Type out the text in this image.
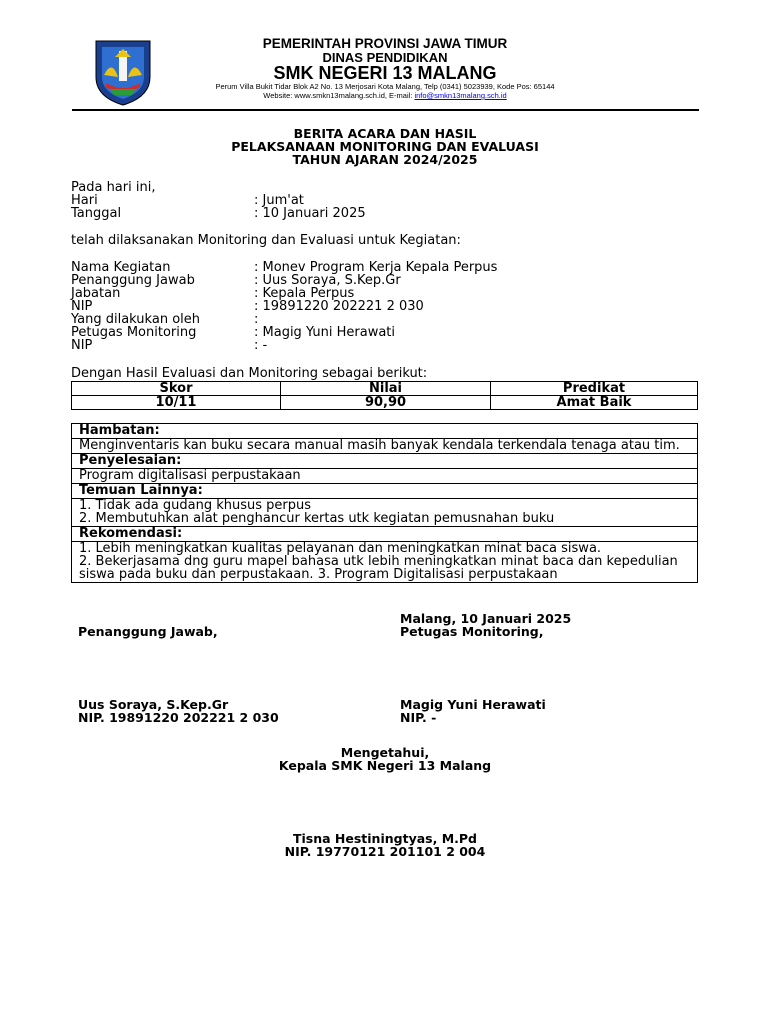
PEMERINTAH PROVINSI JAWA TIMUR
DINAS PENDIDIKAN
SMK NEGERI 13 MALANG
Perum Villa Bukit Tidar Blok A2 No. 13 Merjosari Kota Malang, Telp (0341) 5023939, Kode Pos: 65144
Website: www.smkn13malang.sch.id, E-mail: info@smkn13malang.sch.id
BERITA ACARA DAN HASIL
PELAKSANAAN MONITORING DAN EVALUASI
TAHUN AJARAN 2024/2025
Pada hari ini,
Hari	: Jum'at
Tanggal	: 10 Januari 2025
telah dilaksanakan Monitoring dan Evaluasi untuk Kegiatan:
Nama Kegiatan	: Monev Program Kerja Kepala Perpus
Penanggung Jawab	: Uus Soraya, S.Kep.Gr
Jabatan	: Kepala Perpus
NIP	: 19891220 202221 2 030
Yang dilakukan oleh	:
Petugas Monitoring	: Magig Yuni Herawati
NIP	: -
Dengan Hasil Evaluasi dan Monitoring sebagai berikut:
Skor	Nilai	Predikat
10/11	90,90	Amat Baik
Hambatan:
Menginventaris kan buku secara manual masih banyak kendala terkendala tenaga atau tim.
Penyelesaian:
Program digitalisasi perpustakaan
Temuan Lainnya:
1. Tidak ada gudang khusus perpus
2. Membutuhkan alat penghancur kertas utk kegiatan pemusnahan buku
Rekomendasi:
1. Lebih meningkatkan kualitas pelayanan dan meningkatkan minat baca siswa.
2. Bekerjasama dng guru mapel bahasa utk lebih meningkatkan minat baca dan kepedulian siswa pada buku dan perpustakaan. 3. Program Digitalisasi perpustakaan
Malang, 10 Januari 2025
Penanggung Jawab,	Petugas Monitoring,
Uus Soraya, S.Kep.Gr
NIP. 19891220 202221 2 030
Magig Yuni Herawati
NIP. -
Mengetahui,
Kepala SMK Negeri 13 Malang
Tisna Hestiningtyas, M.Pd
NIP. 19770121 201101 2 004
